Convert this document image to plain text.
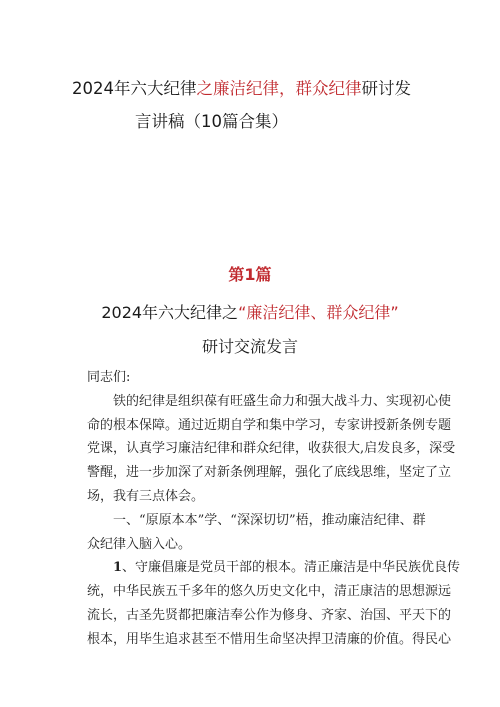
2024年六大纪律之廉洁纪律，群众纪律研讨发
言讲稿（10篇合集）
第1篇
2024年六大纪律之“廉洁纪律、群众纪律”
研讨交流发言

同志们:

铁的纪律是组织葆有旺盛生命力和强大战斗力、实现初心使

命的根本保障。通过近期自学和集中学习，专家讲授新条例专题

党课，认真学习廉洁纪律和群众纪律，收获很大,启发良多，深受

警醒，进一步加深了对新条例理解，强化了底线思维，坚定了立

场，我有三点体会。

一、“原原本本”学、“深深切切”梧，推动廉洁纪律、群

众纪律入脑入心。

1、守廉倡廉是党员干部的根本。清正廉洁是中华民族优良传

统，中华民族五千多年的悠久历史文化中，清正康洁的思想源远

流长，古圣先贤都把廉洁奉公作为修身、齐家、治国、平天下的

根本，用毕生追求甚至不惜用生命坚决捍卫清廉的价值。得民心
